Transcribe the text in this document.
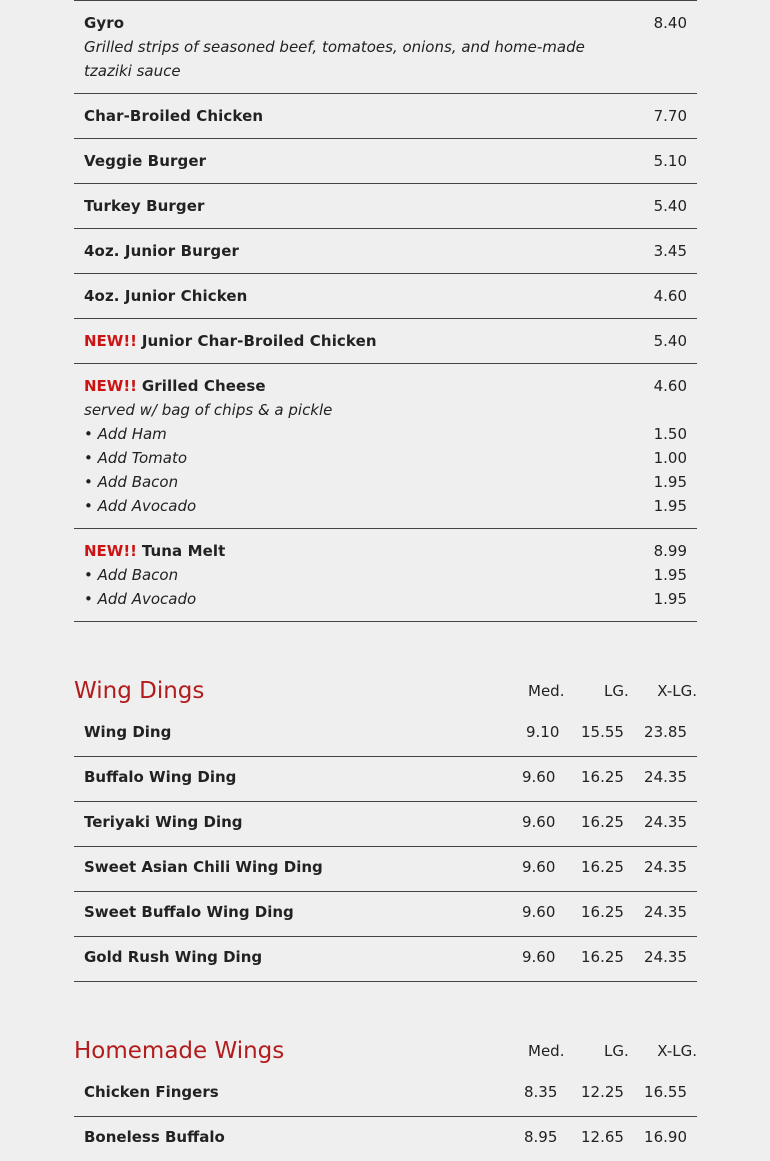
Gyro	8.40
Grilled strips of seasoned beef, tomatoes, onions, and home-made
tzaziki sauce
Char-Broiled Chicken	7.70
Veggie Burger	5.10
Turkey Burger	5.40
4oz. Junior Burger	3.45
4oz. Junior Chicken	4.60
NEW!! Junior Char-Broiled Chicken	5.40
NEW!! Grilled Cheese	4.60
served w/ bag of chips & a pickle
• Add Ham	1.50
• Add Tomato	1.00
• Add Bacon	1.95
• Add Avocado	1.95
NEW!! Tuna Melt	8.99
• Add Bacon	1.95
• Add Avocado	1.95
Wing Dings	Med.	LG. X-LG.
Wing Ding	9.10 15.55 23.85
Buffalo Wing Ding	9.60 16.25 24.35
Teriyaki Wing Ding	9.60 16.25 24.35
Sweet Asian Chili Wing Ding	9.60 16.25 24.35
Sweet Buffalo Wing Ding	9.60 16.25 24.35
Gold Rush Wing Ding	9.60 16.25 24.35
Homemade Wings	Med.	LG. X-LG.
Chicken Fingers	8.35 12.25 16.55
Boneless Buffalo	8.95 12.65 16.90
